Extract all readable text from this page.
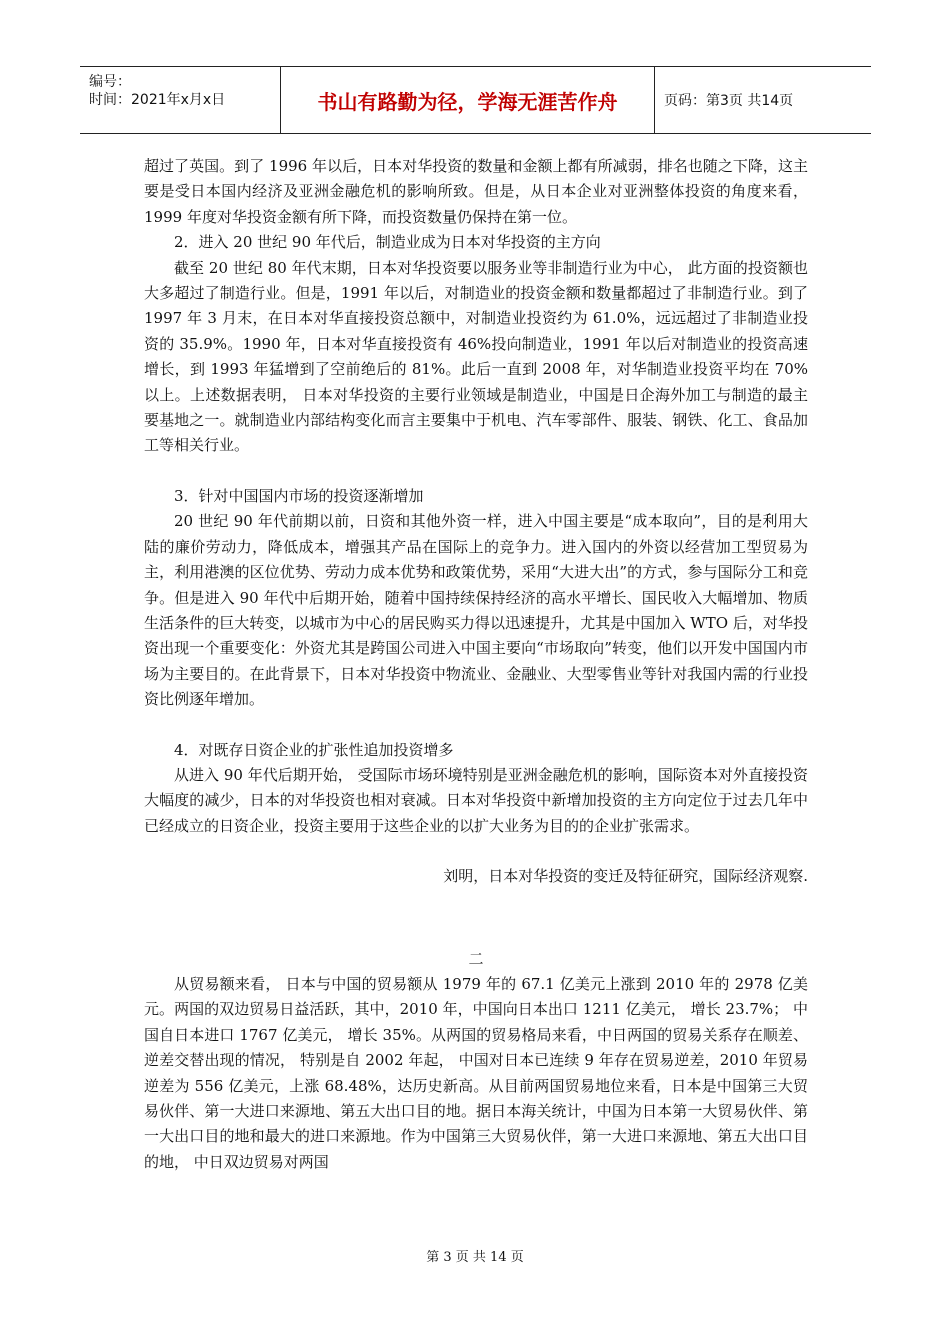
编号：
时间：2021年x月x日	书山有路勤为径，学海无涯苦作舟	页码：第3页 共14页

超过了英国。到了 1996 年以后，日本对华投资的数量和金额上都有所减弱，排名也随之下降，这主要是受日本国内经济及亚洲金融危机的影响所致。但是，从日本企业对亚洲整体投资的角度来看，1999 年度对华投资金额有所下降，而投资数量仍保持在第一位。

2．进入 20 世纪 90 年代后，制造业成为日本对华投资的主方向

截至 20 世纪 80 年代末期，日本对华投资要以服务业等非制造行业为中心， 此方面的投资额也大多超过了制造行业。但是，1991 年以后，对制造业的投资金额和数量都超过了非制造行业。到了 1997 年 3 月末，在日本对华直接投资总额中，对制造业投资约为 61.0%，远远超过了非制造业投资的 35.9%。1990 年，日本对华直接投资有 46%投向制造业，1991 年以后对制造业的投资高速增长，到 1993 年猛增到了空前绝后的 81%。此后一直到 2008 年，对华制造业投资平均在 70%以上。上述数据表明， 日本对华投资的主要行业领域是制造业，中国是日企海外加工与制造的最主要基地之一。就制造业内部结构变化而言主要集中于机电、汽车零部件、服装、钢铁、化工、食品加工等相关行业。

3．针对中国国内市场的投资逐渐增加

20 世纪 90 年代前期以前，日资和其他外资一样，进入中国主要是“成本取向”，目的是利用大陆的廉价劳动力，降低成本，增强其产品在国际上的竞争力。进入国内的外资以经营加工型贸易为主，利用港澳的区位优势、劳动力成本优势和政策优势，采用“大进大出”的方式，参与国际分工和竞争。但是进入 90 年代中后期开始，随着中国持续保持经济的高水平增长、国民收入大幅增加、物质生活条件的巨大转变，以城市为中心的居民购买力得以迅速提升，尤其是中国加入 WTO 后，对华投资出现一个重要变化：外资尤其是跨国公司进入中国主要向“市场取向”转变，他们以开发中国国内市场为主要目的。在此背景下，日本对华投资中物流业、金融业、大型零售业等针对我国内需的行业投资比例逐年增加。

4．对既存日资企业的扩张性追加投资增多

从进入 90 年代后期开始， 受国际市场环境特别是亚洲金融危机的影响，国际资本对外直接投资大幅度的减少，日本的对华投资也相对衰减。日本对华投资中新增加投资的主方向定位于过去几年中已经成立的日资企业，投资主要用于这些企业的以扩大业务为目的的企业扩张需求。

刘明，日本对华投资的变迁及特征研究，国际经济观察.

二

从贸易额来看， 日本与中国的贸易额从 1979 年的 67.1 亿美元上涨到 2010 年的 2978 亿美元。两国的双边贸易日益活跃，其中，2010 年，中国向日本出口 1211 亿美元， 增长 23.7%； 中国自日本进口 1767 亿美元， 增长 35%。从两国的贸易格局来看，中日两国的贸易关系存在顺差、逆差交替出现的情况， 特别是自 2002 年起， 中国对日本已连续 9 年存在贸易逆差，2010 年贸易逆差为 556 亿美元，上涨 68.48%，达历史新高。从目前两国贸易地位来看，日本是中国第三大贸易伙伴、第一大进口来源地、第五大出口目的地。据日本海关统计，中国为日本第一大贸易伙伴、第一大出口目的地和最大的进口来源地。作为中国第三大贸易伙伴，第一大进口来源地、第五大出口目的地， 中日双边贸易对两国

第 3 页 共 14 页
